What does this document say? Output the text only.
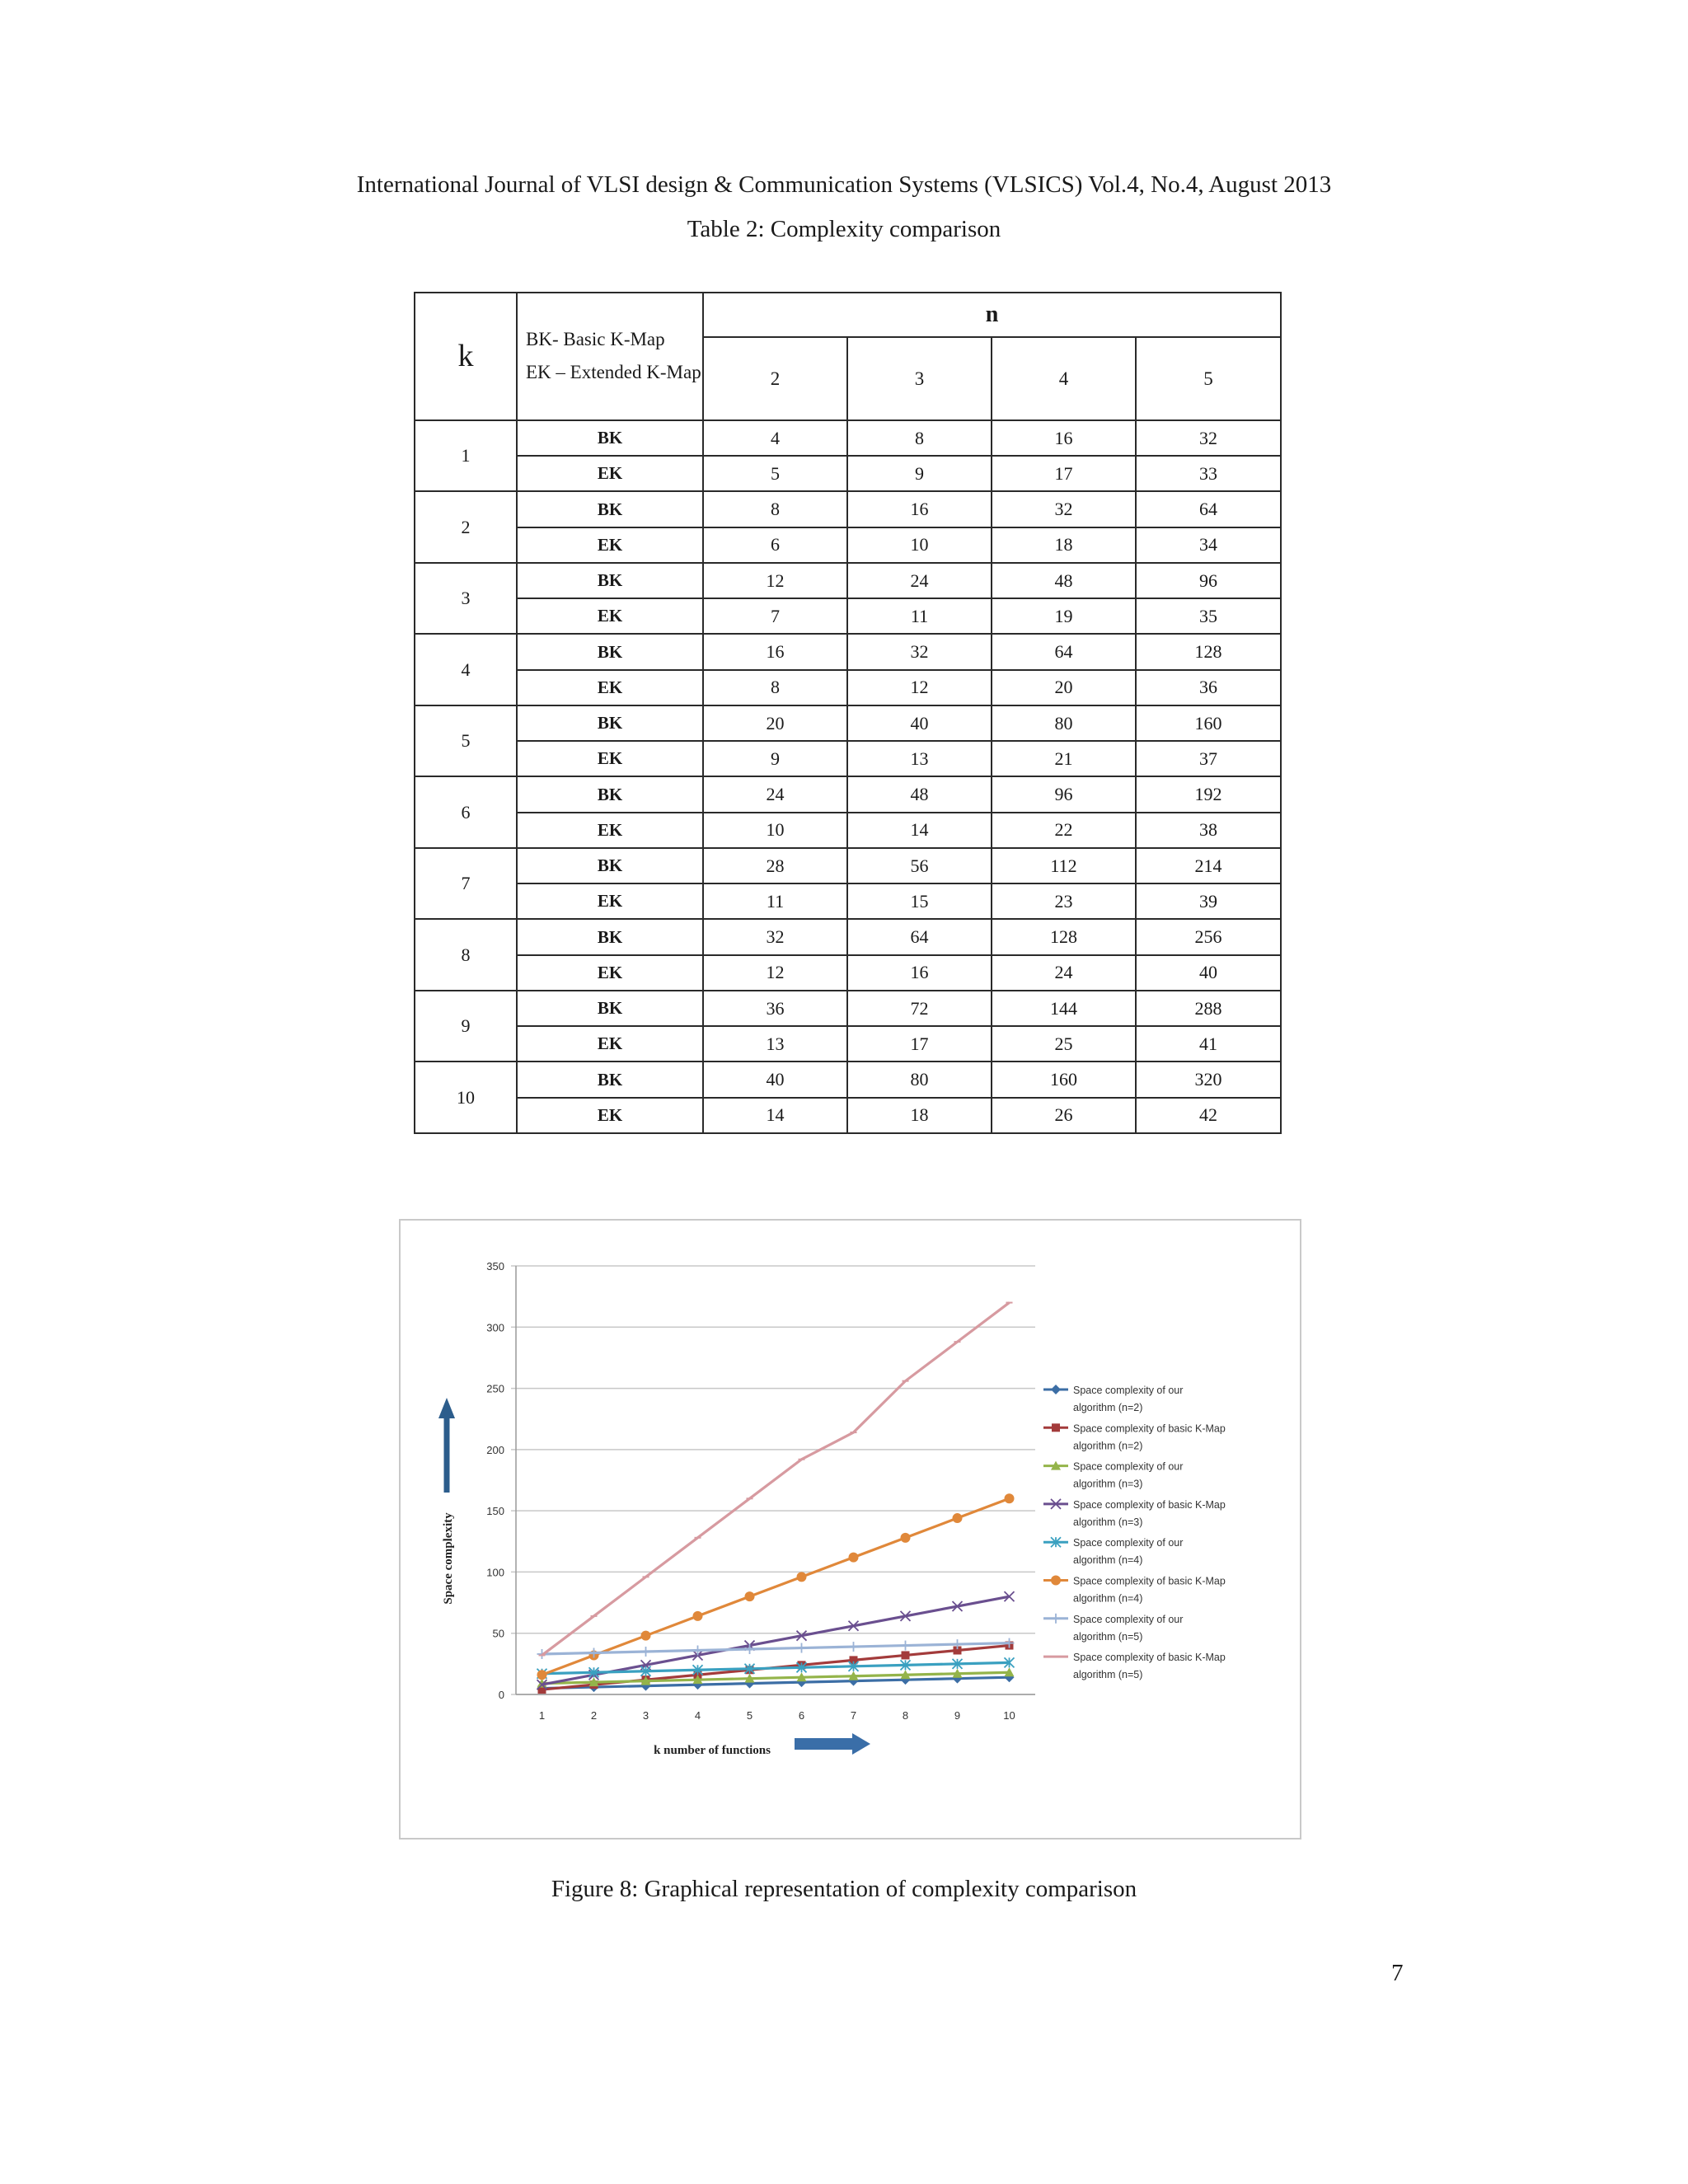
International Journal of VLSI design & Communication Systems (VLSICS) Vol.4, No.4, August 2013
Table 2: Complexity comparison
k	BK- Basic K-Map
EK – Extended K-Map	n			
		2	3	4	5
1	BK	4	8	16	32
	EK	5	9	17	33
2	BK	8	16	32	64
	EK	6	10	18	34
3	BK	12	24	48	96
	EK	7	11	19	35
4	BK	16	32	64	128
	EK	8	12	20	36
5	BK	20	40	80	160
	EK	9	13	21	37
6	BK	24	48	96	192
	EK	10	14	22	38
7	BK	28	56	112	214
	EK	11	15	23	39
8	BK	32	64	128	256
	EK	12	16	24	40
9	BK	36	72	144	288
	EK	13	17	25	41
10	BK	40	80	160	320
	EK	14	18	26	42
0
50
100
150
200
250
300
350
1	2	3	4	5	6	7	8	9	10
Space complexity
k number of functions
Space complexity of our algorithm (n=2)
Space complexity of basic K-Map algorithm (n=2)
Space complexity of our algorithm (n=3)
Space complexity of basic K-Map algorithm (n=3)
Space complexity of our algorithm (n=4)
Space complexity of basic K-Map algorithm (n=4)
Space complexity of our algorithm (n=5)
Space complexity of basic K-Map algorithm (n=5)
Figure 8: Graphical representation of complexity comparison
7
